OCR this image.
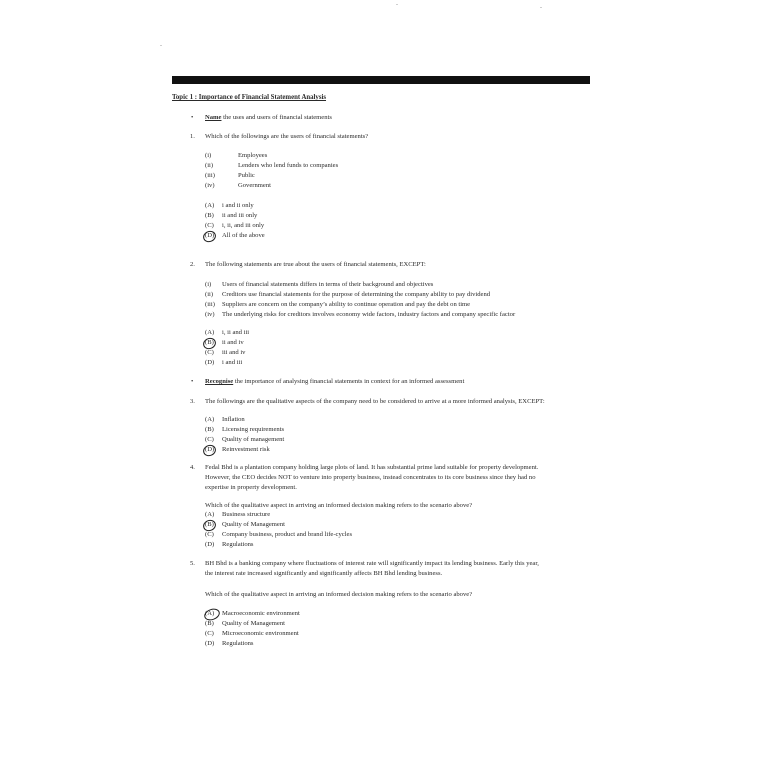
Topic 1 : Importance of Financial Statement Analysis
• Name the uses and users of financial statements
1. Which of the followings are the users of financial statements?
(i)	Employees
(ii)	Lenders who lend funds to companies
(iii)	Public
(iv)	Government
(A) i and ii only
(B) ii and iii only
(C) i, ii, and iii only
(D) All of the above
2. The following statements are true about the users of financial statements, EXCEPT:
(i) Users of financial statements differs in terms of their background and objectives
(ii) Creditors use financial statements for the purpose of determining the company ability to pay dividend
(iii) Suppliers are concern on the company’s ability to continue operation and pay the debt on time
(iv) The underlying risks for creditors involves economy wide factors, industry factors and company specific factor
(A) i, ii and iii
(B) ii and iv
(C) iii and iv
(D) i and iii
• Recognise the importance of analysing financial statements in context for an informed assessment
3. The followings are the qualitative aspects of the company need to be considered to arrive at a more informed analysis, EXCEPT:
(A) Inflation
(B) Licensing requirements
(C) Quality of management
(D) Reinvestment risk
4. Fedal Bhd is a plantation company holding large plots of land. It has substantial prime land suitable for property development.
However, the CEO decides NOT to venture into property business, instead concentrates to its core business since they had no
expertise in property development.
Which of the qualitative aspect in arriving an informed decision making refers to the scenario above?
(A) Business structure
(B) Quality of Management
(C) Company business, product and brand life-cycles
(D) Regulations
5. BH Bhd is a banking company where fluctuations of interest rate will significantly impact its lending business. Early this year,
the interest rate increased significantly and significantly affects BH Bhd lending business.
Which of the qualitative aspect in arriving an informed decision making refers to the scenario above?
(A) Macroeconomic environment
(B) Quality of Management
(C) Microeconomic environment
(D) Regulations
